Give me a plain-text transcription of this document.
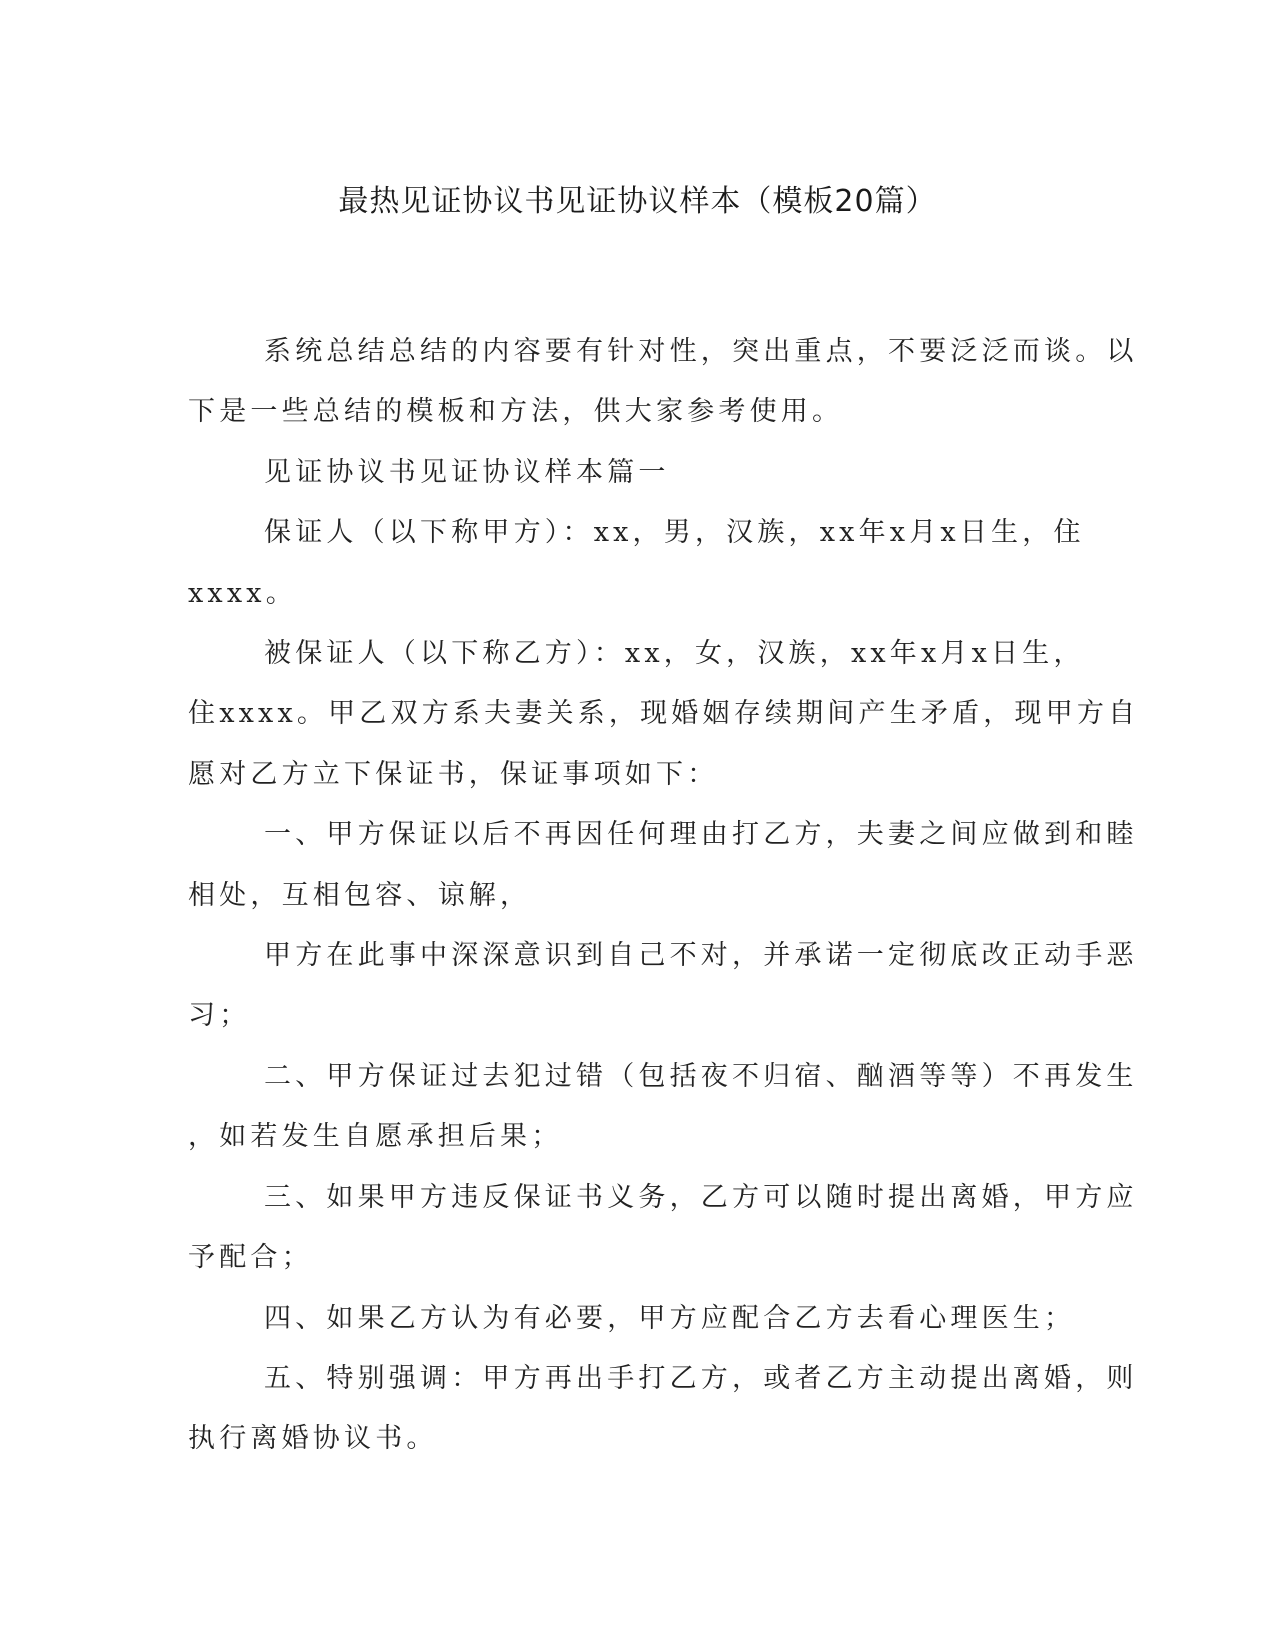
最热见证协议书见证协议样本（模板20篇）
系统总结总结的内容要有针对性，突出重点，不要泛泛而谈。以
下是一些总结的模板和方法，供大家参考使用。
见证协议书见证协议样本篇一
保证人（以下称甲方）：xx，男，汉族，xx年x月x日生，住
xxxx。
被保证人（以下称乙方）：xx，女，汉族，xx年x月x日生，
住xxxx。甲乙双方系夫妻关系，现婚姻存续期间产生矛盾，现甲方自
愿对乙方立下保证书，保证事项如下：
一、甲方保证以后不再因任何理由打乙方，夫妻之间应做到和睦
相处，互相包容、谅解，
甲方在此事中深深意识到自己不对，并承诺一定彻底改正动手恶
习；
二、甲方保证过去犯过错（包括夜不归宿、酗酒等等）不再发生
，如若发生自愿承担后果；
三、如果甲方违反保证书义务，乙方可以随时提出离婚，甲方应
予配合；
四、如果乙方认为有必要，甲方应配合乙方去看心理医生；
五、特别强调：甲方再出手打乙方，或者乙方主动提出离婚，则
执行离婚协议书。
